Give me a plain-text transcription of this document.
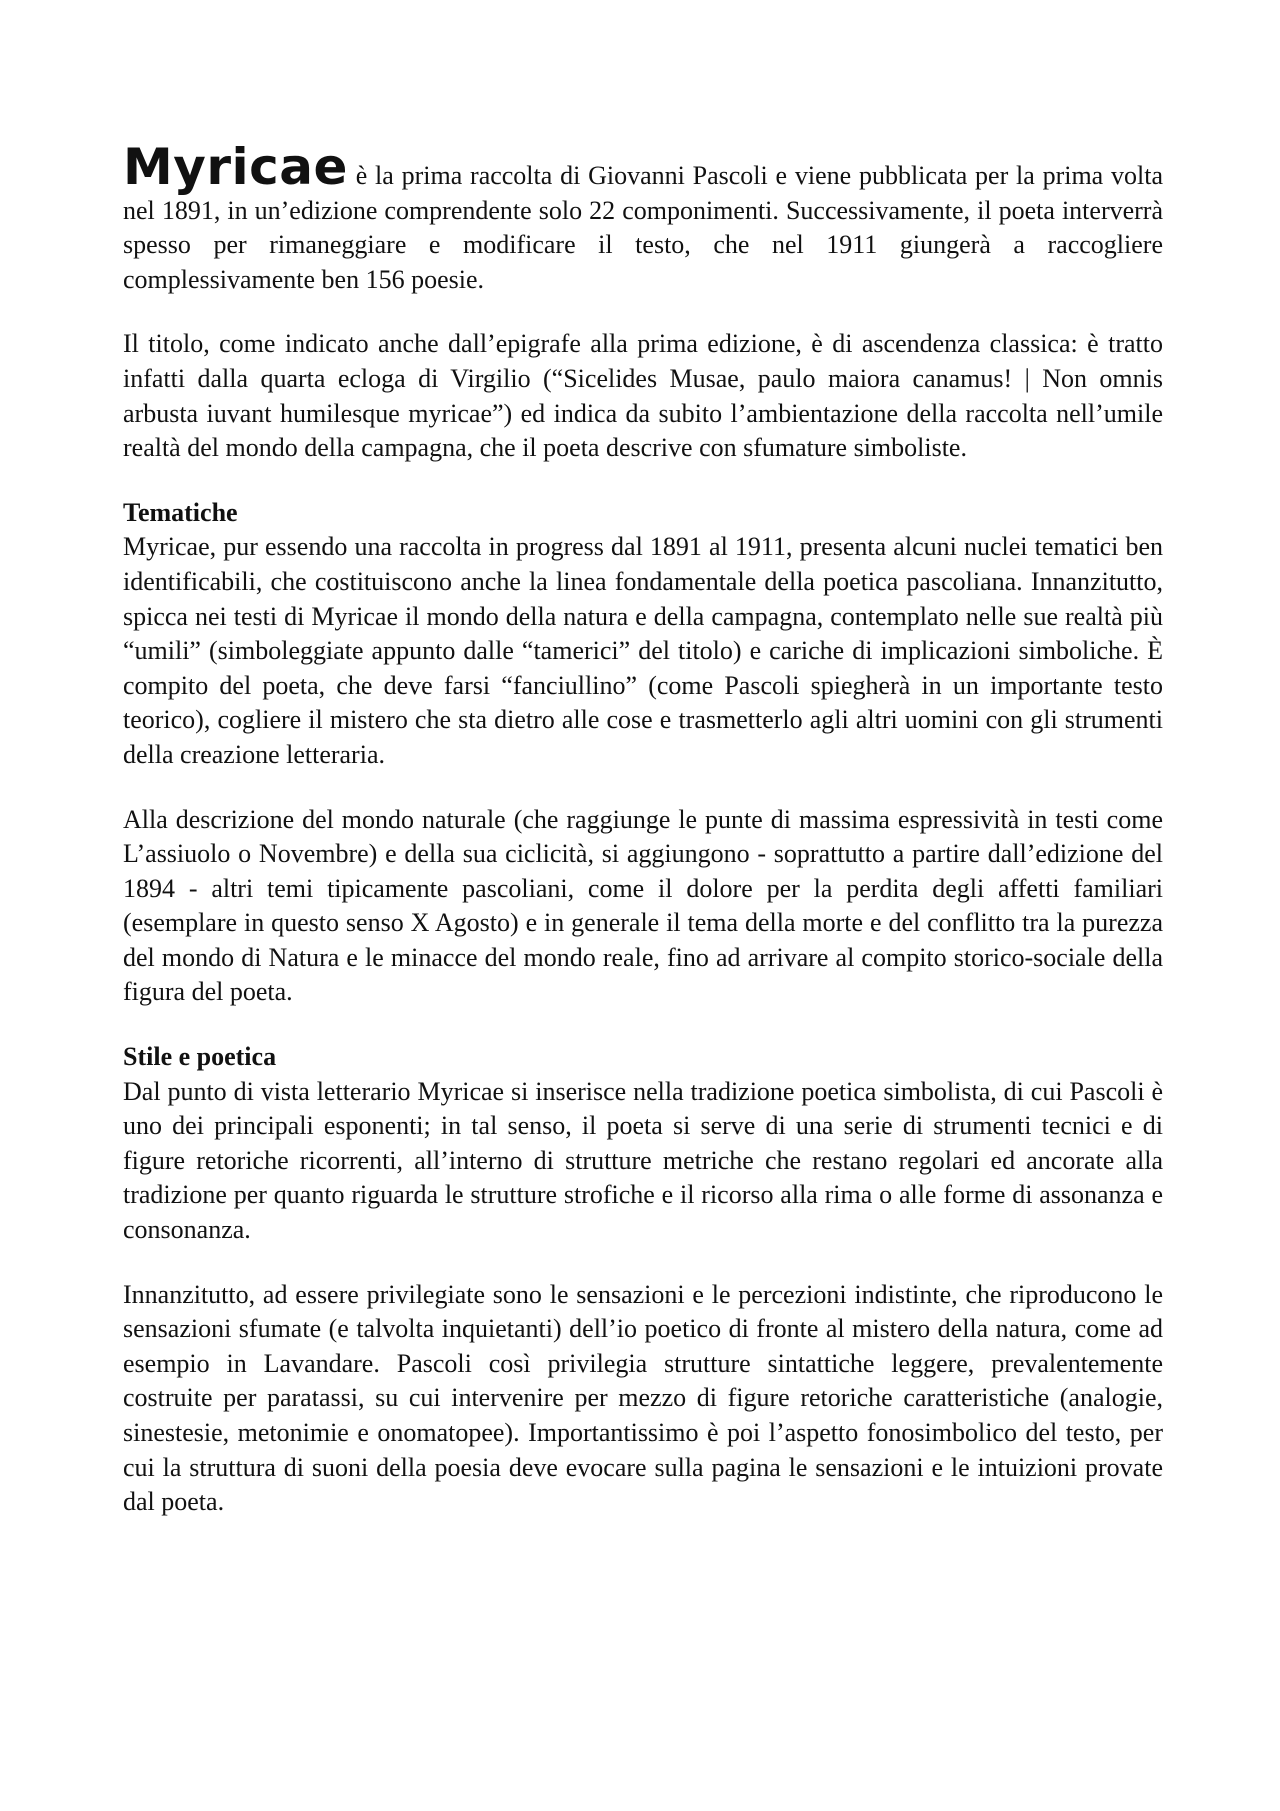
Myricae è la prima raccolta di Giovanni Pascoli e viene pubblicata per la prima volta nel 1891, in un’edizione comprendente solo 22 componimenti. Successivamente, il poeta interverrà spesso per rimaneggiare e modificare il testo, che nel 1911 giungerà a raccogliere complessivamente ben 156 poesie.

Il titolo, come indicato anche dall’epigrafe alla prima edizione, è di ascendenza classica: è tratto infatti dalla quarta ecloga di Virgilio (“Sicelides Musae, paulo maiora canamus! | Non omnis arbusta iuvant humilesque myricae”) ed indica da subito l’ambientazione della raccolta nell’umile realtà del mondo della campagna, che il poeta descrive con sfumature simboliste.

Tematiche

Myricae, pur essendo una raccolta in progress dal 1891 al 1911, presenta alcuni nuclei tematici ben identificabili, che costituiscono anche la linea fondamentale della poetica pascoliana. Innanzitutto, spicca nei testi di Myricae il mondo della natura e della campagna, contemplato nelle sue realtà più “umili” (simboleggiate appunto dalle “tamerici” del titolo) e cariche di implicazioni simboliche. È compito del poeta, che deve farsi “fanciullino” (come Pascoli spiegherà in un importante testo teorico), cogliere il mistero che sta dietro alle cose e trasmetterlo agli altri uomini con gli strumenti della creazione letteraria.

Alla descrizione del mondo naturale (che raggiunge le punte di massima espressività in testi come L’assiuolo o Novembre) e della sua ciclicità, si aggiungono - soprattutto a partire dall’edizione del 1894 - altri temi tipicamente pascoliani, come il dolore per la perdita degli affetti familiari (esemplare in questo senso X Agosto) e in generale il tema della morte e del conflitto tra la purezza del mondo di Natura e le minacce del mondo reale, fino ad arrivare al compito storico-sociale della figura del poeta.

Stile e poetica

Dal punto di vista letterario Myricae si inserisce nella tradizione poetica simbolista, di cui Pascoli è uno dei principali esponenti; in tal senso, il poeta si serve di una serie di strumenti tecnici e di figure retoriche ricorrenti, all’interno di strutture metriche che restano regolari ed ancorate alla tradizione per quanto riguarda le strutture strofiche e il ricorso alla rima o alle forme di assonanza e consonanza.

Innanzitutto, ad essere privilegiate sono le sensazioni e le percezioni indistinte, che riproducono le sensazioni sfumate (e talvolta inquietanti) dell’io poetico di fronte al mistero della natura, come ad esempio in Lavandare. Pascoli così privilegia strutture sintattiche leggere, prevalentemente costruite per paratassi, su cui intervenire per mezzo di figure retoriche caratteristiche (analogie, sinestesie, metonimie e onomatopee). Importantissimo è poi l’aspetto fonosimbolico del testo, per cui la struttura di suoni della poesia deve evocare sulla pagina le sensazioni e le intuizioni provate dal poeta.
